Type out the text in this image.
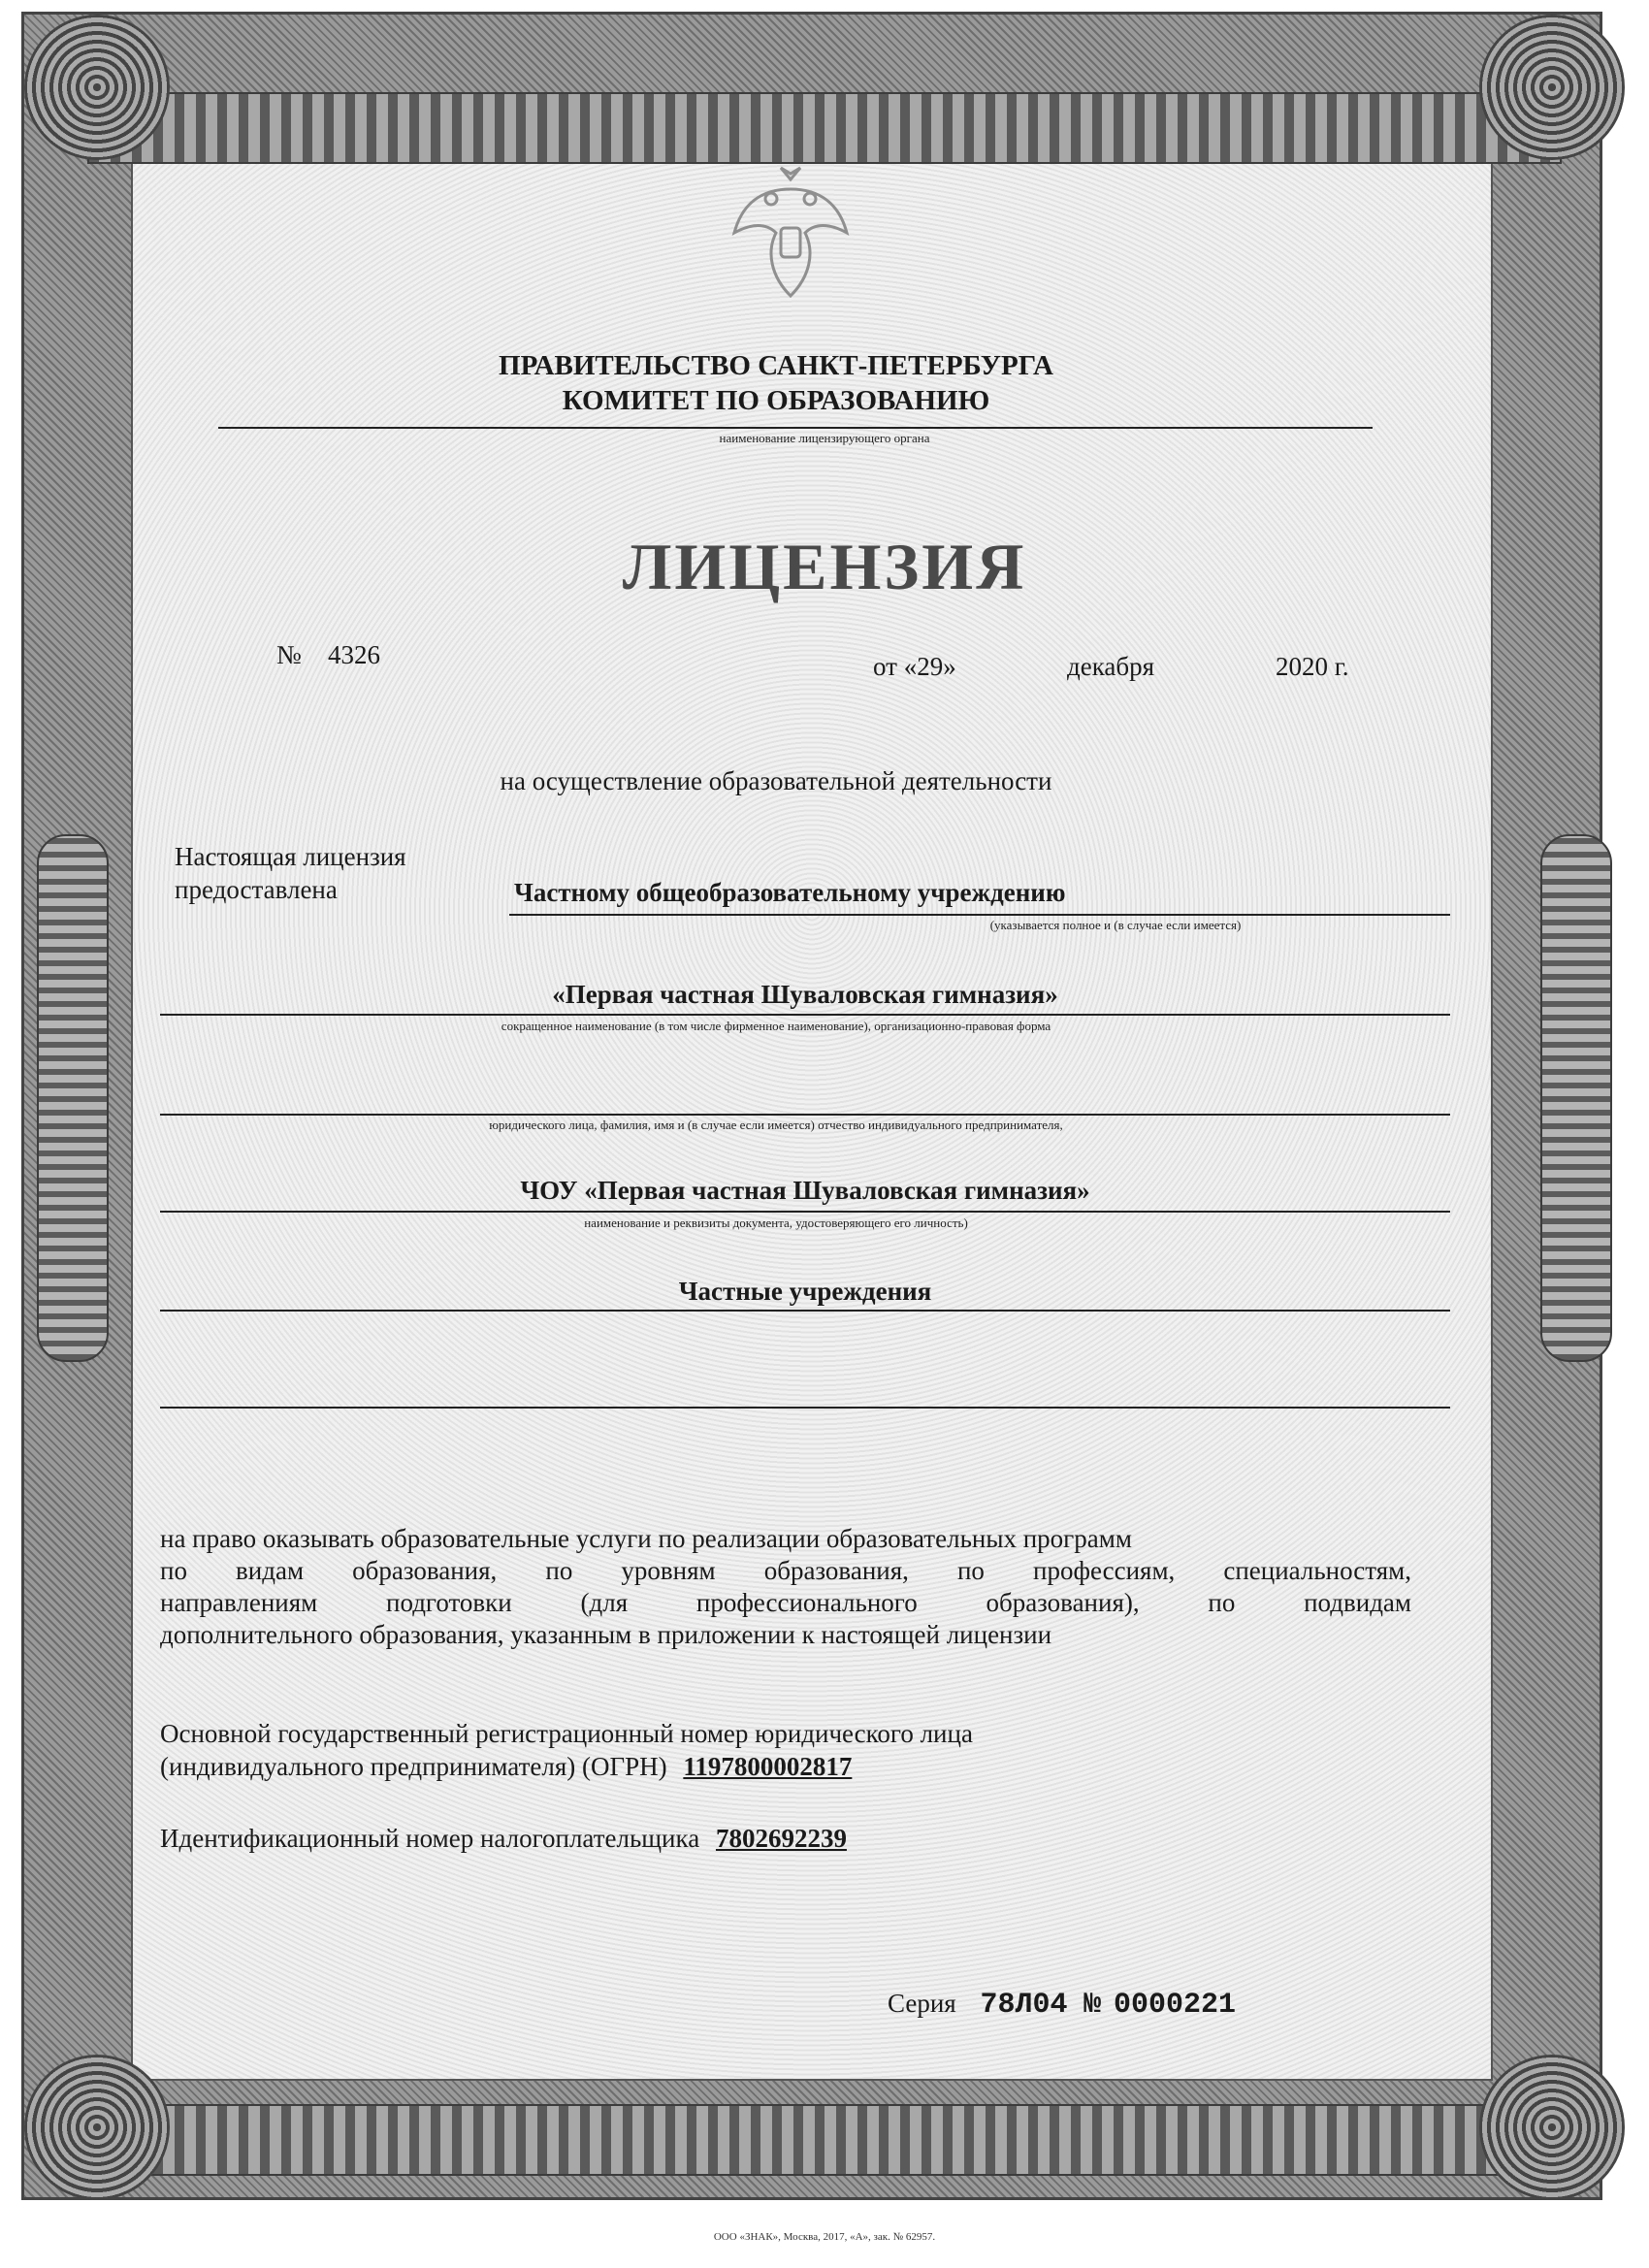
ПРАВИТЕЛЬСТВО САНКТ-ПЕТЕРБУРГА
КОМИТЕТ ПО ОБРАЗОВАНИЮ
наименование лицензирующего органа
ЛИЦЕНЗИЯ
№ 4326	от «29»	декабря	2020 г.
на осуществление образовательной деятельности
Настоящая лицензия
предоставлена	Частному общеобразовательному учреждению
(указывается полное и (в случае если имеется)
«Первая частная Шуваловская гимназия»
сокращенное наименование (в том числе фирменное наименование), организационно-правовая форма
юридического лица, фамилия, имя и (в случае если имеется) отчество индивидуального предпринимателя,
ЧОУ «Первая частная Шуваловская гимназия»
наименование и реквизиты документа, удостоверяющего его личность)
Частные учреждения
на право оказывать образовательные услуги по реализации образовательных программ
по видам образования, по уровням образования, по профессиям, специальностям,
направлениям подготовки (для профессионального образования), по подвидам
дополнительного образования, указанным в приложении к настоящей лицензии
Основной государственный регистрационный номер юридического лица
(индивидуального предпринимателя) (ОГРН) 1197800002817
Идентификационный номер налогоплательщика 7802692239
Серия 78Л04 № 0000221
ООО «ЗНАК», Москва, 2017, «А», зак. № 62957.
